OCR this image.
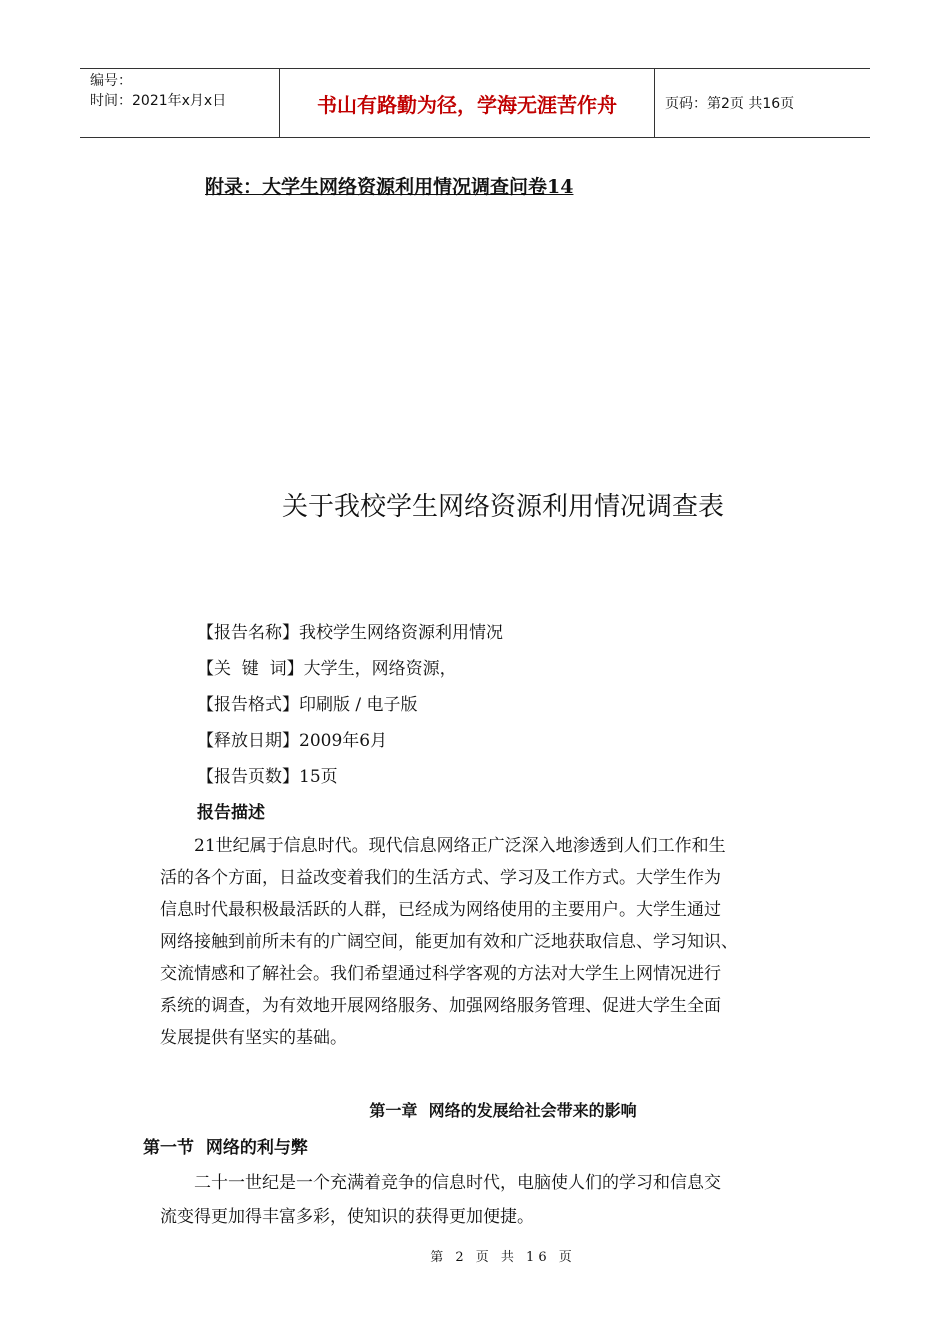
编号：
时间：2021年x月x日	书山有路勤为径，学海无涯苦作舟	页码：第2页 共16页
附录：大学生网络资源利用情况调查问卷14
关于我校学生网络资源利用情况调查表
【报告名称】我校学生网络资源利用情况
【关  键  词】大学生，网络资源，
【报告格式】印刷版 / 电子版
【释放日期】2009年6月
【报告页数】15页
报告描述
　　21世纪属于信息时代。现代信息网络正广泛深入地渗透到人们工作和生
活的各个方面，日益改变着我们的生活方式、学习及工作方式。大学生作为
信息时代最积极最活跃的人群，已经成为网络使用的主要用户。大学生通过
网络接触到前所未有的广阔空间，能更加有效和广泛地获取信息、学习知识、
交流情感和了解社会。我们希望通过科学客观的方法对大学生上网情况进行
系统的调查，为有效地开展网络服务、加强网络服务管理、促进大学生全面
发展提供有坚实的基础。
第一章  网络的发展给社会带来的影响
第一节  网络的利与弊
　　二十一世纪是一个充满着竞争的信息时代，电脑使人们的学习和信息交
流变得更加得丰富多彩，使知识的获得更加便捷。
第 2 页 共 16 页
